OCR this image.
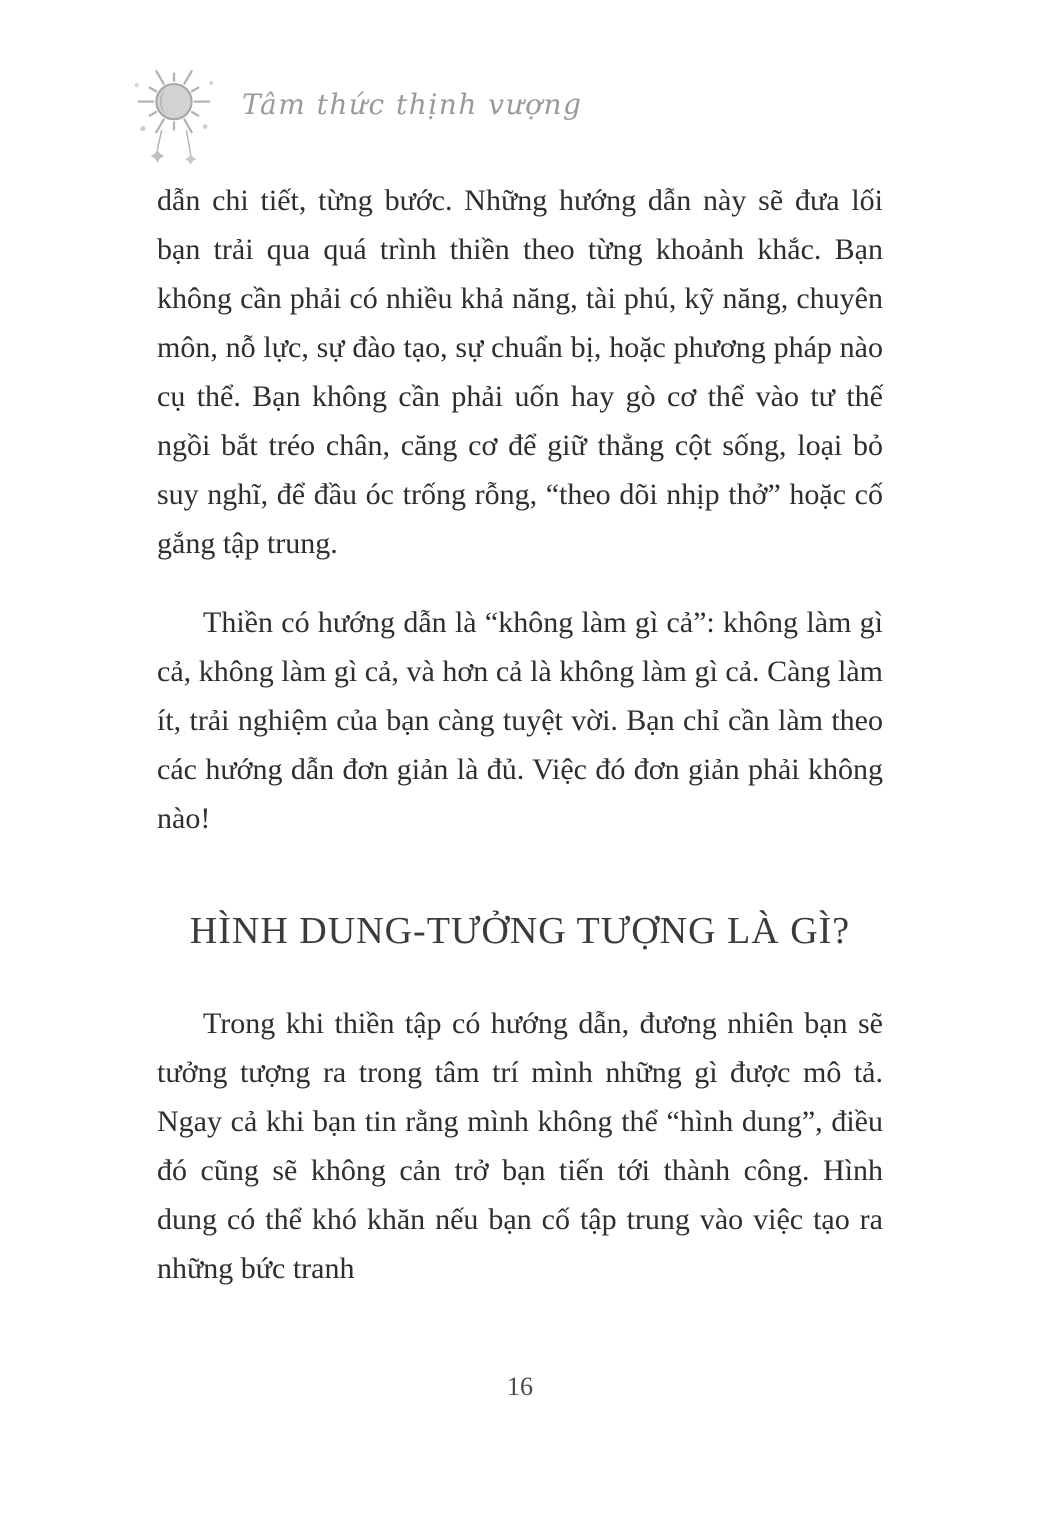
Tâm thức thịnh vượng

dẫn chi tiết, từng bước. Những hướng dẫn này sẽ đưa lối bạn trải qua quá trình thiền theo từng khoảnh khắc. Bạn không cần phải có nhiều khả năng, tài phú, kỹ năng, chuyên môn, nỗ lực, sự đào tạo, sự chuẩn bị, hoặc phương pháp nào cụ thể. Bạn không cần phải uốn hay gò cơ thể vào tư thế ngồi bắt tréo chân, căng cơ để giữ thẳng cột sống, loại bỏ suy nghĩ, để đầu óc trống rỗng, “theo dõi nhịp thở” hoặc cố gắng tập trung.

Thiền có hướng dẫn là “không làm gì cả”: không làm gì cả, không làm gì cả, và hơn cả là không làm gì cả. Càng làm ít, trải nghiệm của bạn càng tuyệt vời. Bạn chỉ cần làm theo các hướng dẫn đơn giản là đủ. Việc đó đơn giản phải không nào!

HÌNH DUNG-TƯỞNG TƯỢNG LÀ GÌ?

Trong khi thiền tập có hướng dẫn, đương nhiên bạn sẽ tưởng tượng ra trong tâm trí mình những gì được mô tả. Ngay cả khi bạn tin rằng mình không thể “hình dung”, điều đó cũng sẽ không cản trở bạn tiến tới thành công. Hình dung có thể khó khăn nếu bạn cố tập trung vào việc tạo ra những bức tranh

16
